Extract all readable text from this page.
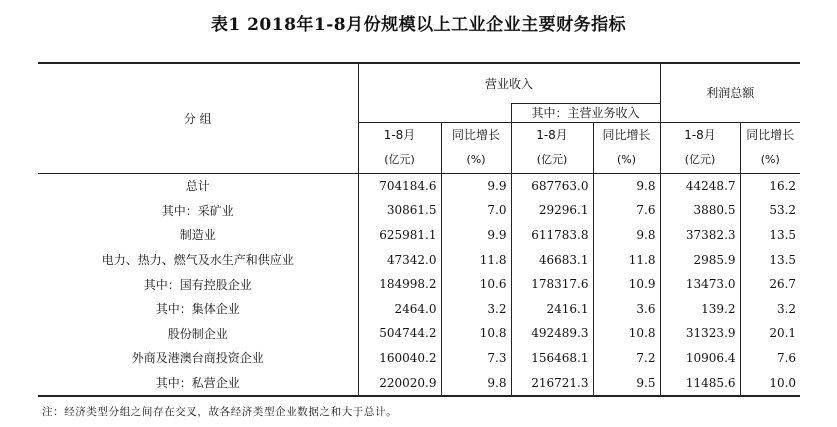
表1 2018年1-8月份规模以上工业企业主要财务指标
分 组	营业收入				利润总额	
			其中：主营业务收入			
	1-8月	同比增长	1-8月	同比增长	1-8月	同比增长
	(亿元)	(%)	(亿元)	(%)	(亿元)	(%)
总计	704184.6	9.9	687763.0	9.8	44248.7	16.2
其中：采矿业	30861.5	7.0	29296.1	7.6	3880.5	53.2
制造业	625981.1	9.9	611783.8	9.8	37382.3	13.5
电力、热力、燃气及水生产和供应业	47342.0	11.8	46683.1	11.8	2985.9	13.5
其中：国有控股企业	184998.2	10.6	178317.6	10.9	13473.0	26.7
其中：集体企业	2464.0	3.2	2416.1	3.6	139.2	3.2
股份制企业	504744.2	10.8	492489.3	10.8	31323.9	20.1
外商及港澳台商投资企业	160040.2	7.3	156468.1	7.2	10906.4	7.6
其中：私营企业	220020.9	9.8	216721.3	9.5	11485.6	10.0
注：经济类型分组之间存在交叉，故各经济类型企业数据之和大于总计。
